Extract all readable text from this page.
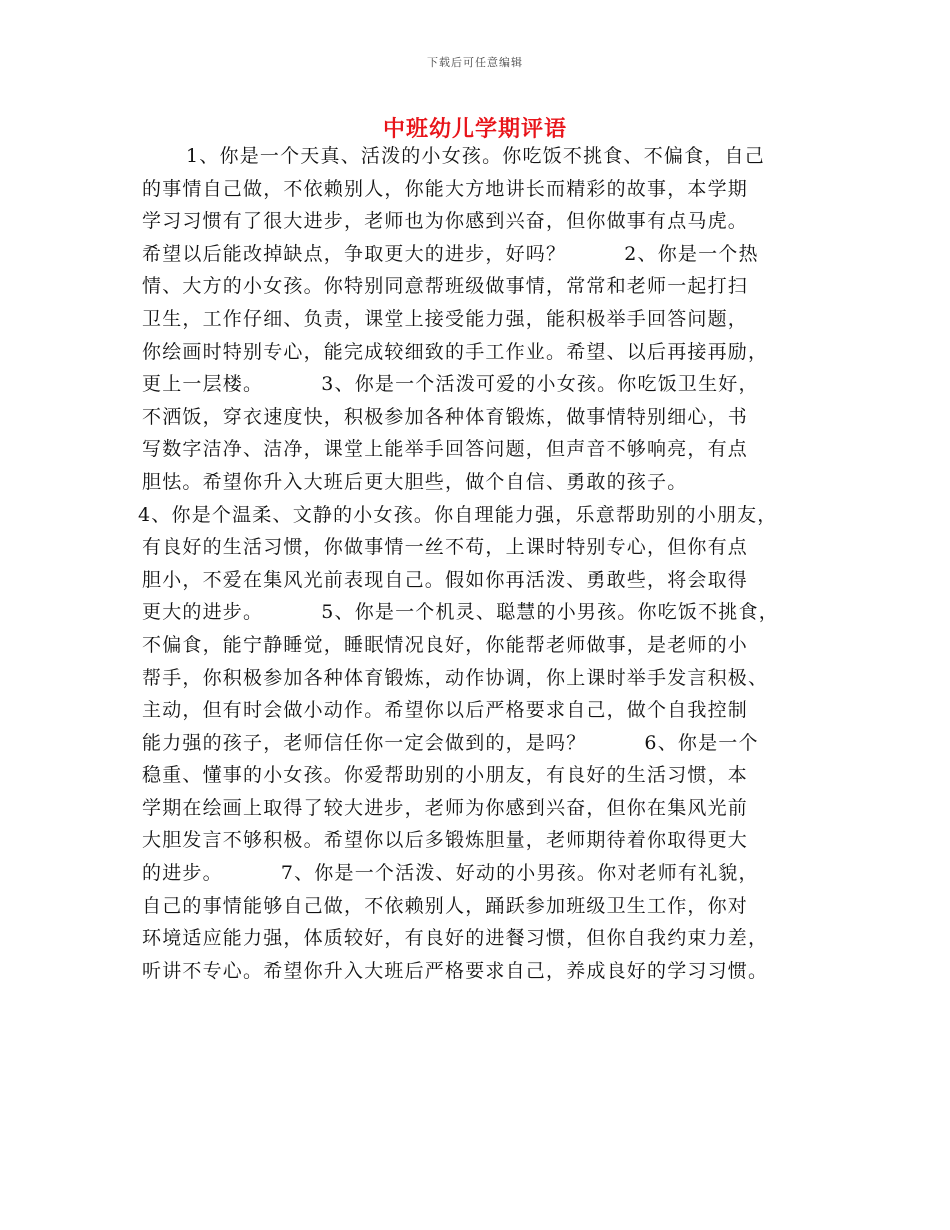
下载后可任意编辑
中班幼儿学期评语
1、你是一个天真、活泼的小女孩。你吃饭不挑食、不偏食，自己
的事情自己做，不依赖别人，你能大方地讲长而精彩的故事，本学期
学习习惯有了很大进步，老师也为你感到兴奋，但你做事有点马虎。
希望以后能改掉缺点，争取更大的进步，好吗？	2、你是一个热
情、大方的小女孩。你特别同意帮班级做事情，常常和老师一起打扫
卫生，工作仔细、负责，课堂上接受能力强，能积极举手回答问题，
你绘画时特别专心，能完成较细致的手工作业。希望、以后再接再励，
更上一层楼。	3、你是一个活泼可爱的小女孩。你吃饭卫生好，
不洒饭，穿衣速度快，积极参加各种体育锻炼，做事情特别细心，书
写数字洁净、洁净，课堂上能举手回答问题，但声音不够响亮，有点
胆怯。希望你升入大班后更大胆些，做个自信、勇敢的孩子。
4、你是个温柔、文静的小女孩。你自理能力强，乐意帮助别的小朋友，
有良好的生活习惯，你做事情一丝不苟，上课时特别专心，但你有点
胆小，不爱在集风光前表现自己。假如你再活泼、勇敢些，将会取得
更大的进步。	5、你是一个机灵、聪慧的小男孩。你吃饭不挑食，
不偏食，能宁静睡觉，睡眠情况良好，你能帮老师做事，是老师的小
帮手，你积极参加各种体育锻炼，动作协调，你上课时举手发言积极、
主动，但有时会做小动作。希望你以后严格要求自己，做个自我控制
能力强的孩子，老师信任你一定会做到的，是吗？	6、你是一个
稳重、懂事的小女孩。你爱帮助别的小朋友，有良好的生活习惯，本
学期在绘画上取得了较大进步，老师为你感到兴奋，但你在集风光前
大胆发言不够积极。希望你以后多锻炼胆量，老师期待着你取得更大
的进步。	7、你是一个活泼、好动的小男孩。你对老师有礼貌，
自己的事情能够自己做，不依赖别人，踊跃参加班级卫生工作，你对
环境适应能力强，体质较好，有良好的进餐习惯，但你自我约束力差，
听讲不专心。希望你升入大班后严格要求自己，养成良好的学习习惯。
